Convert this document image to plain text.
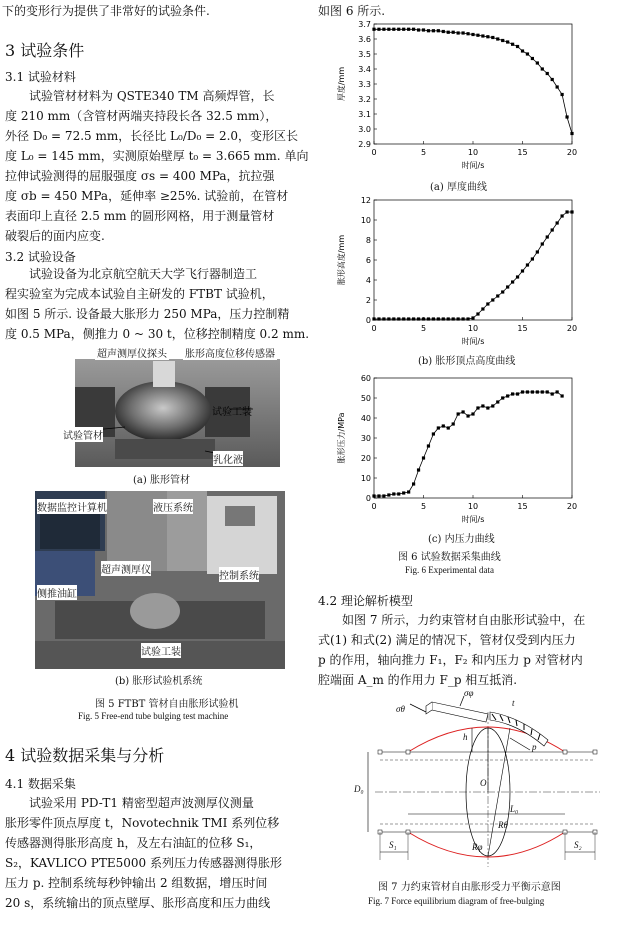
下的变形行为提供了非常好的试验条件.
3 试验条件
3.1 试验材料
试验管材材料为 QSTE340 TM 高频焊管，长
度 210 mm（含管材两端夹持段长各 32.5 mm），
外径 D₀ = 72.5 mm，长径比 L₀/D₀ = 2.0，变形区长
度 L₀ = 145 mm，实测原始壁厚 t₀ = 3.665 mm. 单向
拉伸试验测得的屈服强度 σs = 400 MPa，抗拉强
度 σb = 450 MPa，延伸率 ≥25%. 试验前，在管材
表面印上直径 2.5 mm 的圆形网格，用于测量管材
破裂后的面内应变.
3.2 试验设备
试验设备为北京航空航天大学飞行器制造工
程实验室为完成本试验自主研发的 FTBT 试验机，
如图 5 所示. 设备最大胀形力 250 MPa，压力控制精
度 0.5 MPa，侧推力 0 ~ 30 t，位移控制精度 0.2 mm.
超声测厚仪探头 胀形高度位移传感器
试验工装
试验管材
乳化液
(a) 胀形管材
数据监控计算机	液压系统
超声测厚仪
控制系统
侧推油缸
试验工装
(b) 胀形试验机系统
图 5 FTBT 管材自由胀形试验机
Fig. 5 Free-end tube bulging test machine
4 试验数据采集与分析
4.1 数据采集
试验采用 PD-T1 精密型超声波测厚仪测量
胀形零件顶点厚度 t，Novotechnik TMI 系列位移
传感器测得胀形高度 h，及左右油缸的位移 S₁，
S₂，KAVLICO PTE5000 系列压力传感器测得胀形
压力 p. 控制系统每秒钟输出 2 组数据，增压时间
20 s，系统输出的顶点壁厚、胀形高度和压力曲线
如图 6 所示.
0	5	10	15	20
2.9
3.0
3.1
3.2
3.3
3.4
3.5
3.6
3.7
时间/s
厚度/mm
(a) 厚度曲线
0	5	10	15	20
0
2
4
6
8
10
12
时间/s
胀形高度/mm
(b) 胀形顶点高度曲线
0	5	10	15	20
0
10
20
30
40
50
60
时间/s
胀形压力/MPa
(c) 内压力曲线
图 6 试验数据采集曲线
Fig. 6 Experimental data
4.2 理论解析模型
如图 7 所示，力约束管材自由胀形试验中，在
式(1) 和式(2) 满足的情况下，管材仅受到内压力
p 的作用，轴向推力 F₁，F₂ 和内压力 p 对管材内
腔端面 A_m 的作用力 F_p 相互抵消.
σθ
σφ
t
h
p
O
D₀
L₀
Rθ
Rφ
S₁	S₂
图 7 力约束管材自由胀形受力平衡示意图
Fig. 7 Force equilibrium diagram of free-bulging
